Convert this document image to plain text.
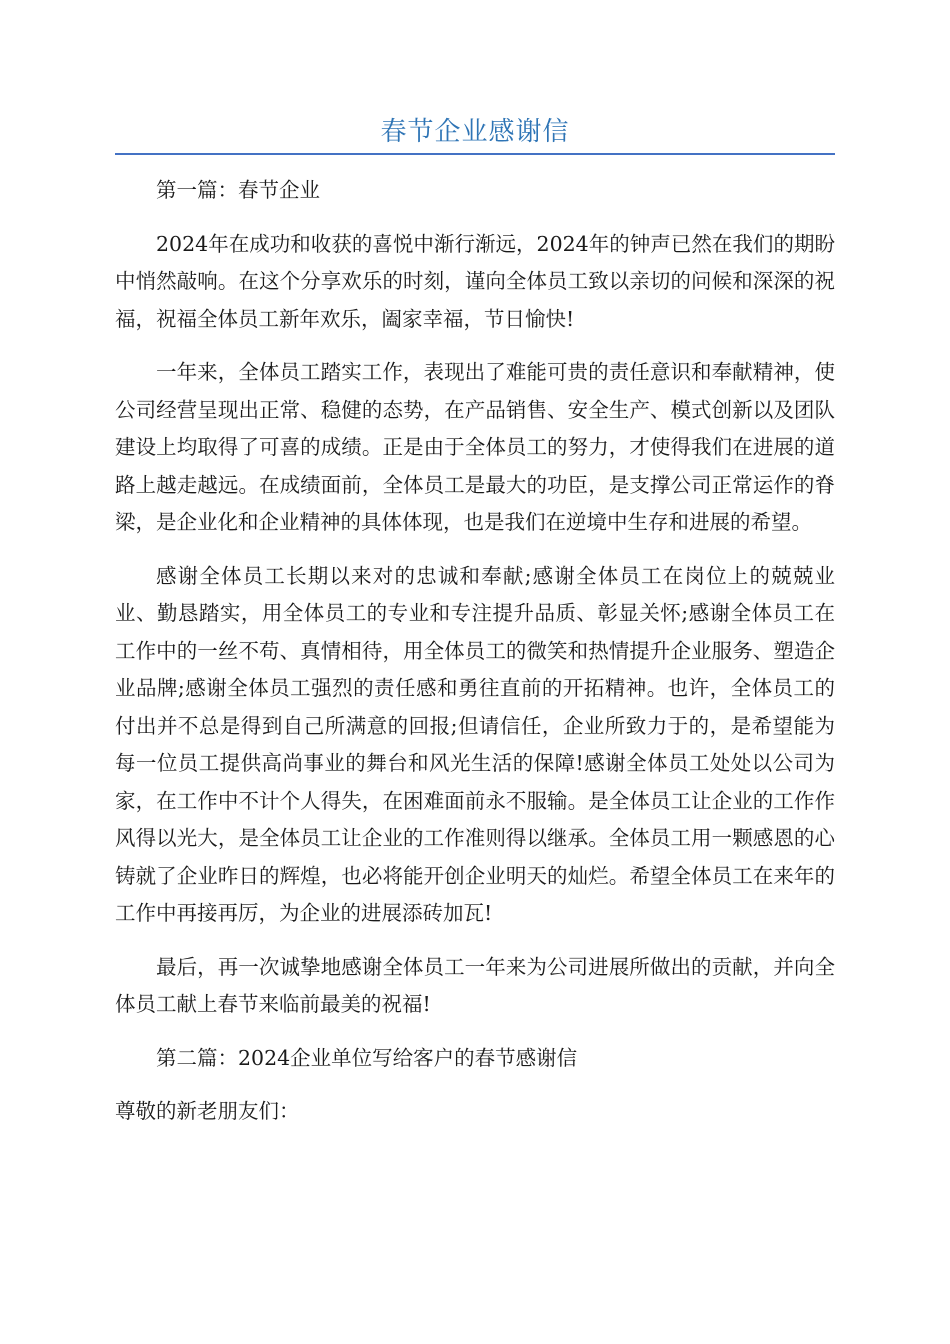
春节企业感谢信

第一篇：春节企业

2024年在成功和收获的喜悦中渐行渐远，2024年的钟声已然在我们的期盼中悄然敲响。在这个分享欢乐的时刻，谨向全体员工致以亲切的问候和深深的祝福，祝福全体员工新年欢乐，阖家幸福，节日愉快!

一年来，全体员工踏实工作，表现出了难能可贵的责任意识和奉献精神，使公司经营呈现出正常、稳健的态势，在产品销售、安全生产、模式创新以及团队建设上均取得了可喜的成绩。正是由于全体员工的努力，才使得我们在进展的道路上越走越远。在成绩面前，全体员工是最大的功臣，是支撑公司正常运作的脊梁，是企业化和企业精神的具体体现，也是我们在逆境中生存和进展的希望。

感谢全体员工长期以来对的忠诚和奉献;感谢全体员工在岗位上的兢兢业业、勤恳踏实，用全体员工的专业和专注提升品质、彰显关怀;感谢全体员工在工作中的一丝不苟、真情相待，用全体员工的微笑和热情提升企业服务、塑造企业品牌;感谢全体员工强烈的责任感和勇往直前的开拓精神。也许，全体员工的付出并不总是得到自己所满意的回报;但请信任，企业所致力于的，是希望能为每一位员工提供高尚事业的舞台和风光生活的保障!感谢全体员工处处以公司为家，在工作中不计个人得失，在困难面前永不服输。是全体员工让企业的工作作风得以光大，是全体员工让企业的工作准则得以继承。全体员工用一颗感恩的心铸就了企业昨日的辉煌，也必将能开创企业明天的灿烂。希望全体员工在来年的工作中再接再厉，为企业的进展添砖加瓦!

最后，再一次诚挚地感谢全体员工一年来为公司进展所做出的贡献，并向全体员工献上春节来临前最美的祝福!

第二篇：2024企业单位写给客户的春节感谢信

尊敬的新老朋友们：
